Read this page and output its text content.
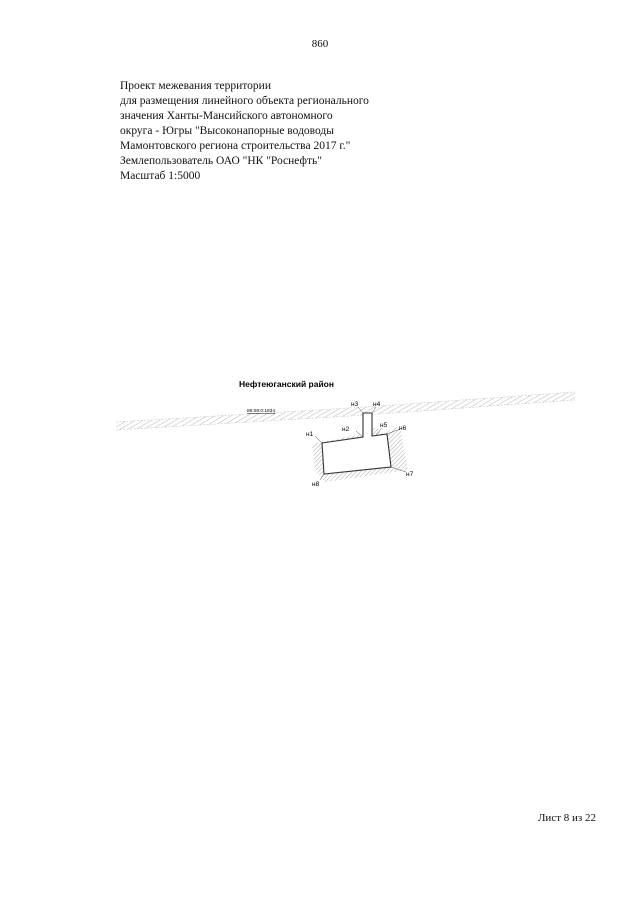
860
Проект межевания территории
для размещения линейного объекта регионального
значения Ханты-Мансийского автономного
округа - Югры "Высоконапорные водоводы
Мамонтовского региона строительства 2017 г."
Землепользователь ОАО "НК "Роснефть"
Масштаб 1:5000
Нефтеюганский район
86:08:0:1834
н1
н2
н3 н4
н5 н6
н7
н8
Лист 8 из 22
